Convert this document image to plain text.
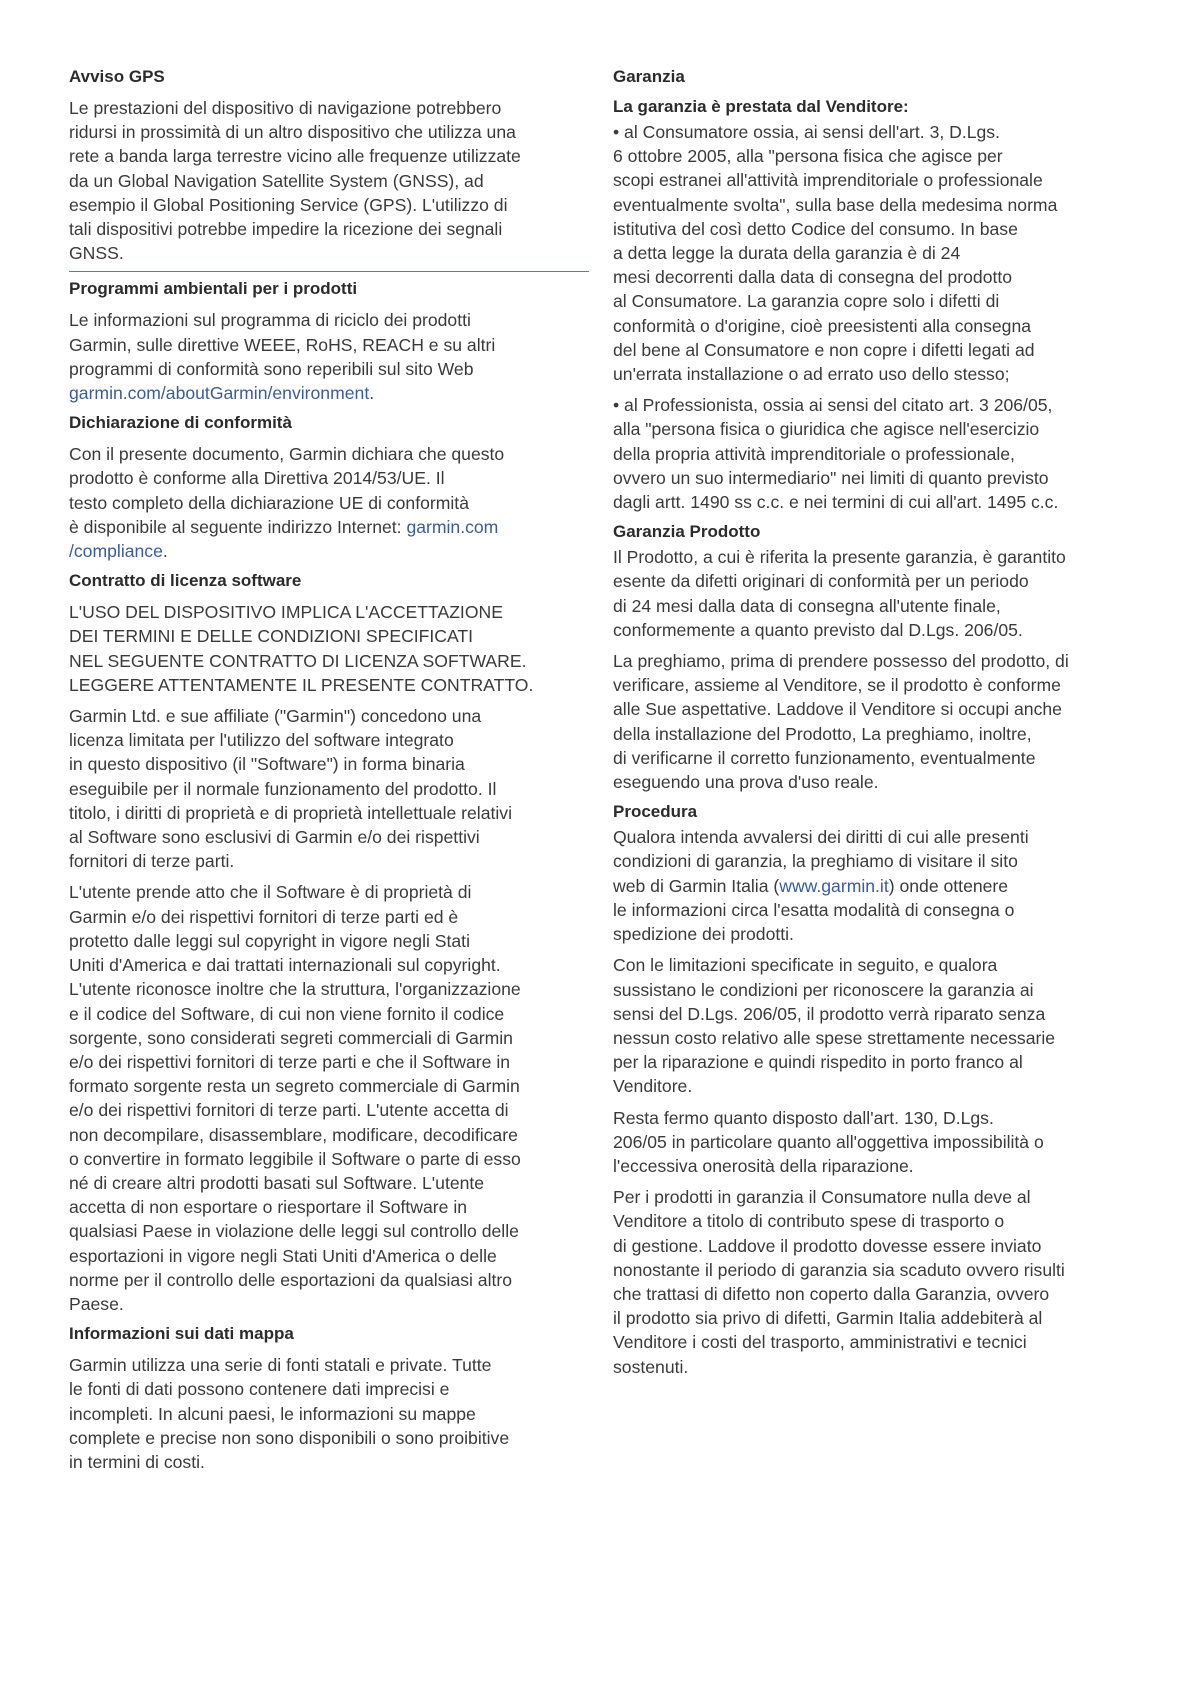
Avviso GPS

Le prestazioni del dispositivo di navigazione potrebbero
ridursi in prossimità di un altro dispositivo che utilizza una
rete a banda larga terrestre vicino alle frequenze utilizzate
da un Global Navigation Satellite System (GNSS), ad
esempio il Global Positioning Service (GPS). L'utilizzo di
tali dispositivi potrebbe impedire la ricezione dei segnali
GNSS.

Programmi ambientali per i prodotti

Le informazioni sul programma di riciclo dei prodotti
Garmin, sulle direttive WEEE, RoHS, REACH e su altri
programmi di conformità sono reperibili sul sito Web
garmin.com/aboutGarmin/environment.

Dichiarazione di conformità

Con il presente documento, Garmin dichiara che questo
prodotto è conforme alla Direttiva 2014/53/UE. Il
testo completo della dichiarazione UE di conformità
è disponibile al seguente indirizzo Internet: garmin.com
/compliance.

Contratto di licenza software

L'USO DEL DISPOSITIVO IMPLICA L'ACCETTAZIONE
DEI TERMINI E DELLE CONDIZIONI SPECIFICATI
NEL SEGUENTE CONTRATTO DI LICENZA SOFTWARE.
LEGGERE ATTENTAMENTE IL PRESENTE CONTRATTO.

Garmin Ltd. e sue affiliate ("Garmin") concedono una
licenza limitata per l'utilizzo del software integrato
in questo dispositivo (il "Software") in forma binaria
eseguibile per il normale funzionamento del prodotto. Il
titolo, i diritti di proprietà e di proprietà intellettuale relativi
al Software sono esclusivi di Garmin e/o dei rispettivi
fornitori di terze parti.

L'utente prende atto che il Software è di proprietà di
Garmin e/o dei rispettivi fornitori di terze parti ed è
protetto dalle leggi sul copyright in vigore negli Stati
Uniti d'America e dai trattati internazionali sul copyright.
L'utente riconosce inoltre che la struttura, l'organizzazione
e il codice del Software, di cui non viene fornito il codice
sorgente, sono considerati segreti commerciali di Garmin
e/o dei rispettivi fornitori di terze parti e che il Software in
formato sorgente resta un segreto commerciale di Garmin
e/o dei rispettivi fornitori di terze parti. L'utente accetta di
non decompilare, disassemblare, modificare, decodificare
o convertire in formato leggibile il Software o parte di esso
né di creare altri prodotti basati sul Software. L'utente
accetta di non esportare o riesportare il Software in
qualsiasi Paese in violazione delle leggi sul controllo delle
esportazioni in vigore negli Stati Uniti d'America o delle
norme per il controllo delle esportazioni da qualsiasi altro
Paese.

Informazioni sui dati mappa

Garmin utilizza una serie di fonti statali e private. Tutte
le fonti di dati possono contenere dati imprecisi e
incompleti. In alcuni paesi, le informazioni su mappe
complete e precise non sono disponibili o sono proibitive
in termini di costi.

Garanzia
La garanzia è prestata dal Venditore:

• al Consumatore ossia, ai sensi dell'art. 3, D.Lgs.
6 ottobre 2005, alla "persona fisica che agisce per
scopi estranei all'attività imprenditoriale o professionale
eventualmente svolta", sulla base della medesima norma
istitutiva del così detto Codice del consumo. In base
a detta legge la durata della garanzia è di 24
mesi decorrenti dalla data di consegna del prodotto
al Consumatore. La garanzia copre solo i difetti di
conformità o d'origine, cioè preesistenti alla consegna
del bene al Consumatore e non copre i difetti legati ad
un'errata installazione o ad errato uso dello stesso;

• al Professionista, ossia ai sensi del citato art. 3 206/05,
alla "persona fisica o giuridica che agisce nell'esercizio
della propria attività imprenditoriale o professionale,
ovvero un suo intermediario" nei limiti di quanto previsto
dagli artt. 1490 ss c.c. e nei termini di cui all'art. 1495 c.c.

Garanzia Prodotto

Il Prodotto, a cui è riferita la presente garanzia, è garantito
esente da difetti originari di conformità per un periodo
di 24 mesi dalla data di consegna all'utente finale,
conformemente a quanto previsto dal D.Lgs. 206/05.

La preghiamo, prima di prendere possesso del prodotto, di
verificare, assieme al Venditore, se il prodotto è conforme
alle Sue aspettative. Laddove il Venditore si occupi anche
della installazione del Prodotto, La preghiamo, inoltre,
di verificarne il corretto funzionamento, eventualmente
eseguendo una prova d'uso reale.

Procedura

Qualora intenda avvalersi dei diritti di cui alle presenti
condizioni di garanzia, la preghiamo di visitare il sito
web di Garmin Italia (www.garmin.it) onde ottenere
le informazioni circa l'esatta modalità di consegna o
spedizione dei prodotti.

Con le limitazioni specificate in seguito, e qualora
sussistano le condizioni per riconoscere la garanzia ai
sensi del D.Lgs. 206/05, il prodotto verrà riparato senza
nessun costo relativo alle spese strettamente necessarie
per la riparazione e quindi rispedito in porto franco al
Venditore.

Resta fermo quanto disposto dall'art. 130, D.Lgs.
206/05 in particolare quanto all'oggettiva impossibilità o
l'eccessiva onerosità della riparazione.

Per i prodotti in garanzia il Consumatore nulla deve al
Venditore a titolo di contributo spese di trasporto o
di gestione. Laddove il prodotto dovesse essere inviato
nonostante il periodo di garanzia sia scaduto ovvero risulti
che trattasi di difetto non coperto dalla Garanzia, ovvero
il prodotto sia privo di difetti, Garmin Italia addebiterà al
Venditore i costi del trasporto, amministrativi e tecnici
sostenuti.
